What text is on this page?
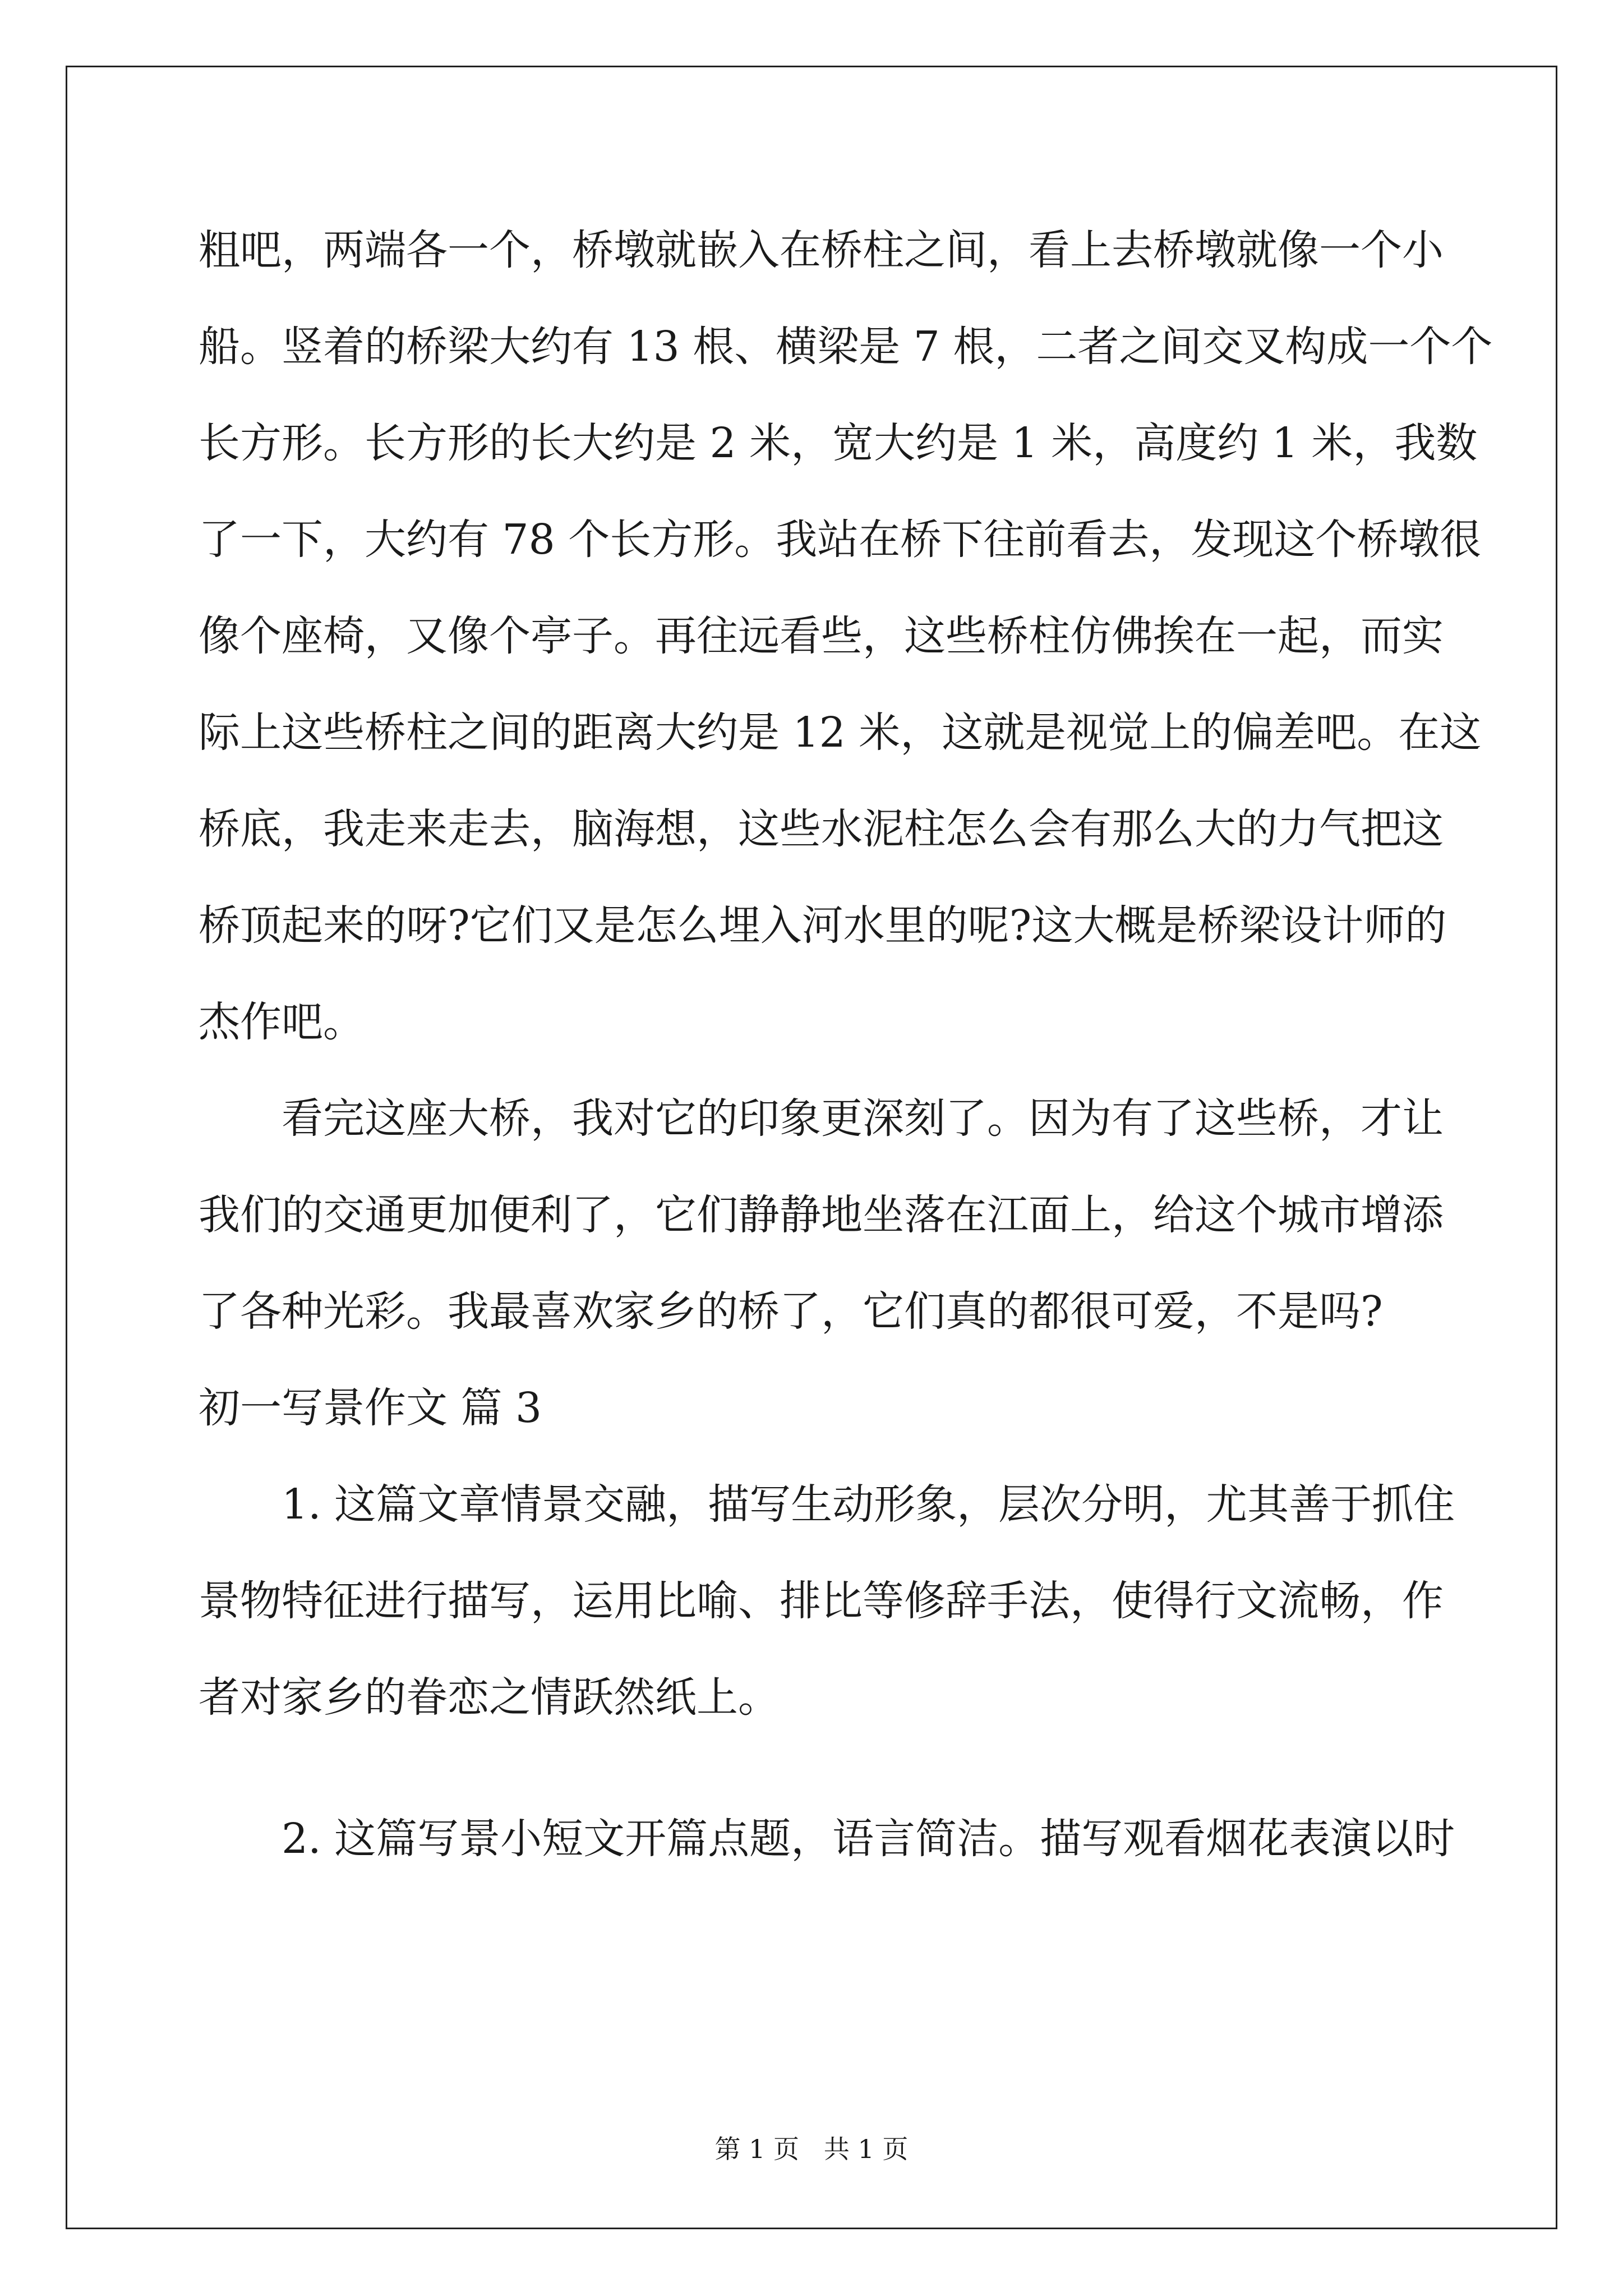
粗吧，两端各一个，桥墩就嵌入在桥柱之间，看上去桥墩就像一个小
船。竖着的桥梁大约有 13 根、横梁是 7 根，二者之间交叉构成一个个
长方形。长方形的长大约是 2 米，宽大约是 1 米，高度约 1 米，我数
了一下，大约有 78 个长方形。我站在桥下往前看去，发现这个桥墩很
像个座椅，又像个亭子。再往远看些，这些桥柱仿佛挨在一起，而实
际上这些桥柱之间的距离大约是 12 米，这就是视觉上的偏差吧。在这
桥底，我走来走去，脑海想，这些水泥柱怎么会有那么大的力气把这
桥顶起来的呀?它们又是怎么埋入河水里的呢?这大概是桥梁设计师的
杰作吧。
　　看完这座大桥，我对它的印象更深刻了。因为有了这些桥，才让
我们的交通更加便利了，它们静静地坐落在江面上，给这个城市增添
了各种光彩。我最喜欢家乡的桥了，它们真的都很可爱，不是吗?
初一写景作文 篇 3
　　1. 这篇文章情景交融，描写生动形象，层次分明，尤其善于抓住
景物特征进行描写，运用比喻、排比等修辞手法，使得行文流畅，作
者对家乡的眷恋之情跃然纸上。
　　2. 这篇写景小短文开篇点题，语言简洁。描写观看烟花表演以时
第 1 页   共 1 页
